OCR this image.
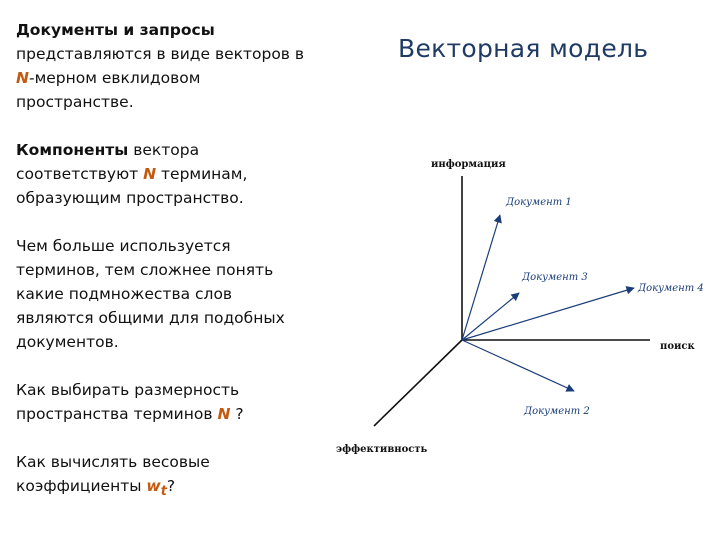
Документы и запросы
представляются в виде векторов в
N-мерном евклидовом
пространстве.

Компоненты вектора
соответствуют N терминам,
образующим пространство.

Чем больше используется
терминов, тем сложнее понять
какие подмножества слов
являются общими для подобных
документов.

Как выбирать размерность
пространства терминов N ?

Как вычислять весовые
коэффициенты $w_t$?

Векторная модель
информация
поиск
эффективность
Документ 1
Документ 3
Документ 4
Документ 2
